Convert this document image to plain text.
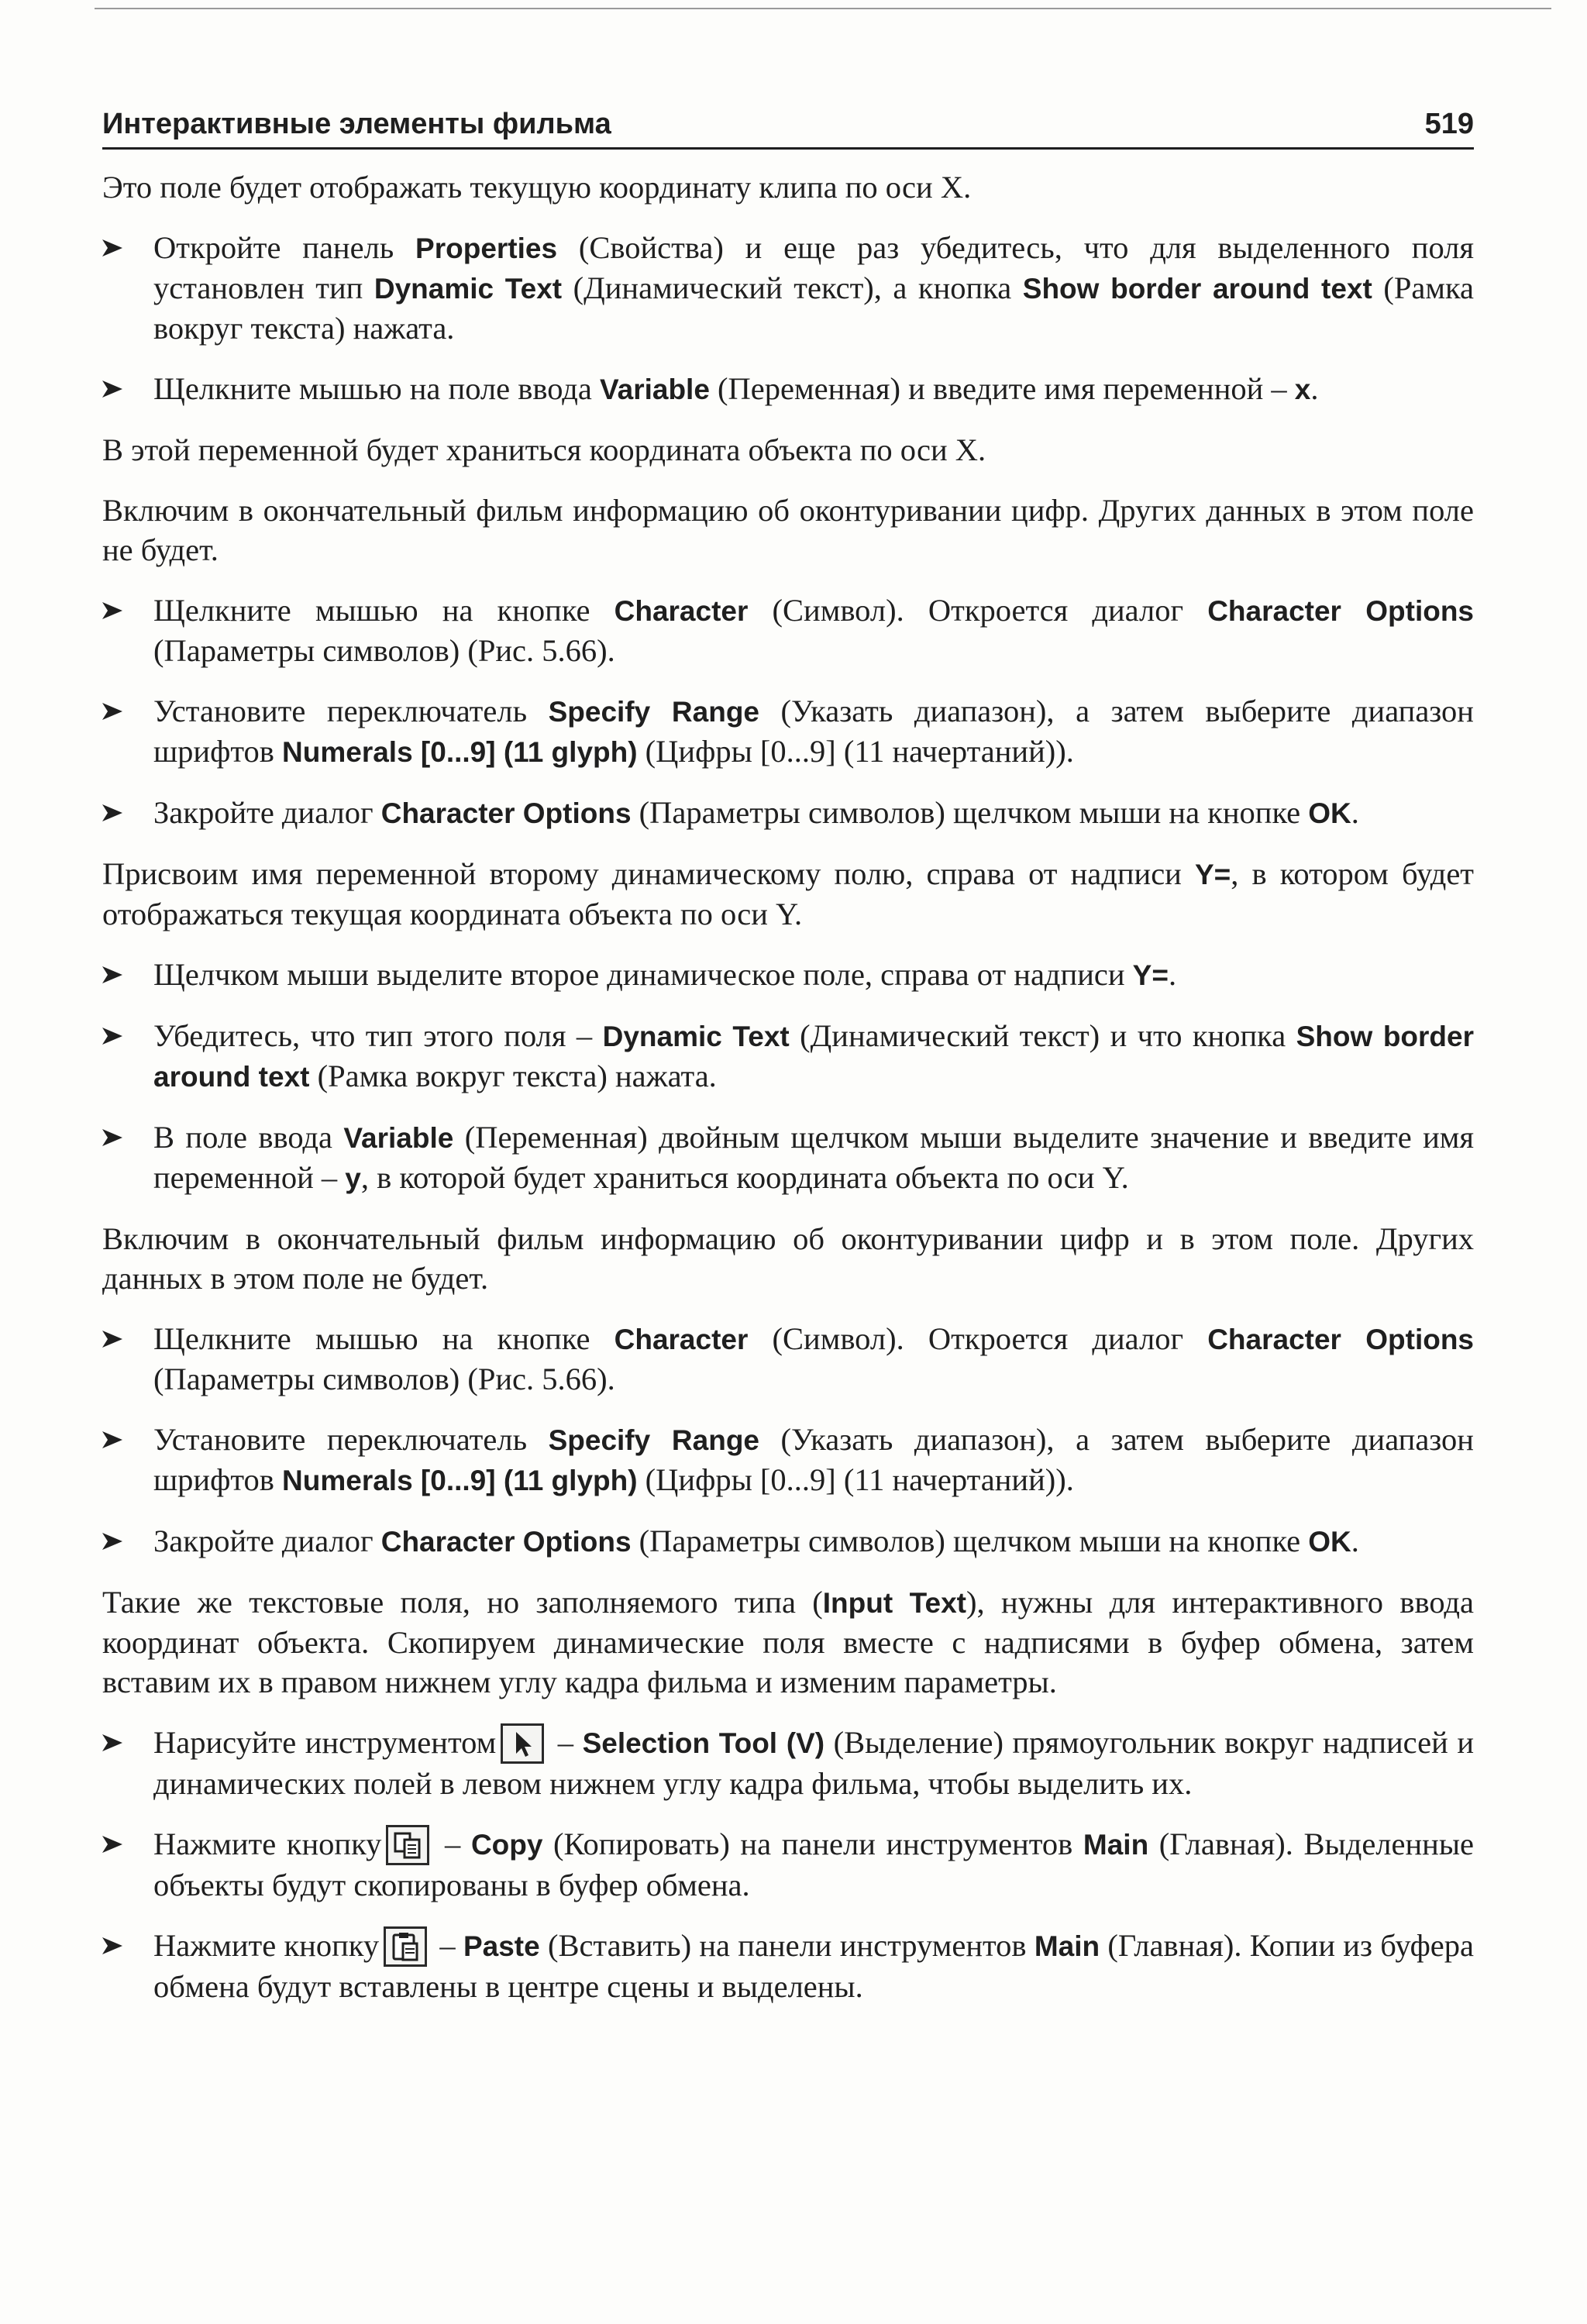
Интерактивные элементы фильма	519

Это поле будет отображать текущую координату клипа по оси X.

Откройте панель Properties (Свойства) и еще раз убедитесь, что для выделенного поля установлен тип Dynamic Text (Динамический текст), а кнопка Show border around text (Рамка вокруг текста) нажата.
Щелкните мышью на поле ввода Variable (Переменная) и введите имя переменной – x.

В этой переменной будет храниться координата объекта по оси X.

Включим в окончательный фильм информацию об оконтуривании цифр. Других данных в этом поле не будет.

Щелкните мышью на кнопке Character (Символ). Откроется диалог Character Options (Параметры символов) (Рис. 5.66).
Установите переключатель Specify Range (Указать диапазон), а затем выберите диапазон шрифтов Numerals [0...9] (11 glyph) (Цифры [0...9] (11 начертаний)).
Закройте диалог Character Options (Параметры символов) щелчком мыши на кнопке OK.

Присвоим имя переменной второму динамическому полю, справа от надписи Y=, в котором будет отображаться текущая координата объекта по оси Y.

Щелчком мыши выделите второе динамическое поле, справа от надписи Y=.
Убедитесь, что тип этого поля – Dynamic Text (Динамический текст) и что кнопка Show border around text (Рамка вокруг текста) нажата.
В поле ввода Variable (Переменная) двойным щелчком мыши выделите значение и введите имя переменной – y, в которой будет храниться координата объекта по оси Y.

Включим в окончательный фильм информацию об оконтуривании цифр и в этом поле. Других данных в этом поле не будет.

Щелкните мышью на кнопке Character (Символ). Откроется диалог Character Options (Параметры символов) (Рис. 5.66).
Установите переключатель Specify Range (Указать диапазон), а затем выберите диапазон шрифтов Numerals [0...9] (11 glyph) (Цифры [0...9] (11 начертаний)).
Закройте диалог Character Options (Параметры символов) щелчком мыши на кнопке OK.

Такие же текстовые поля, но заполняемого типа (Input Text), нужны для интерактивного ввода координат объекта. Скопируем динамические поля вместе с надписями в буфер обмена, затем вставим их в правом нижнем углу кадра фильма и изменим параметры.

Нарисуйте инструментом
– Selection Tool (V) (Выделение) прямоугольник вокруг надписей и динамических полей в левом нижнем углу кадра фильма, чтобы выделить их.
Нажмите кнопку
– Copy (Копировать) на панели инструментов Main (Главная). Выделенные объекты будут скопированы в буфер обмена.
Нажмите кнопку
– Paste (Вставить) на панели инструментов Main (Главная). Копии из буфера обмена будут вставлены в центре сцены и выделены.
